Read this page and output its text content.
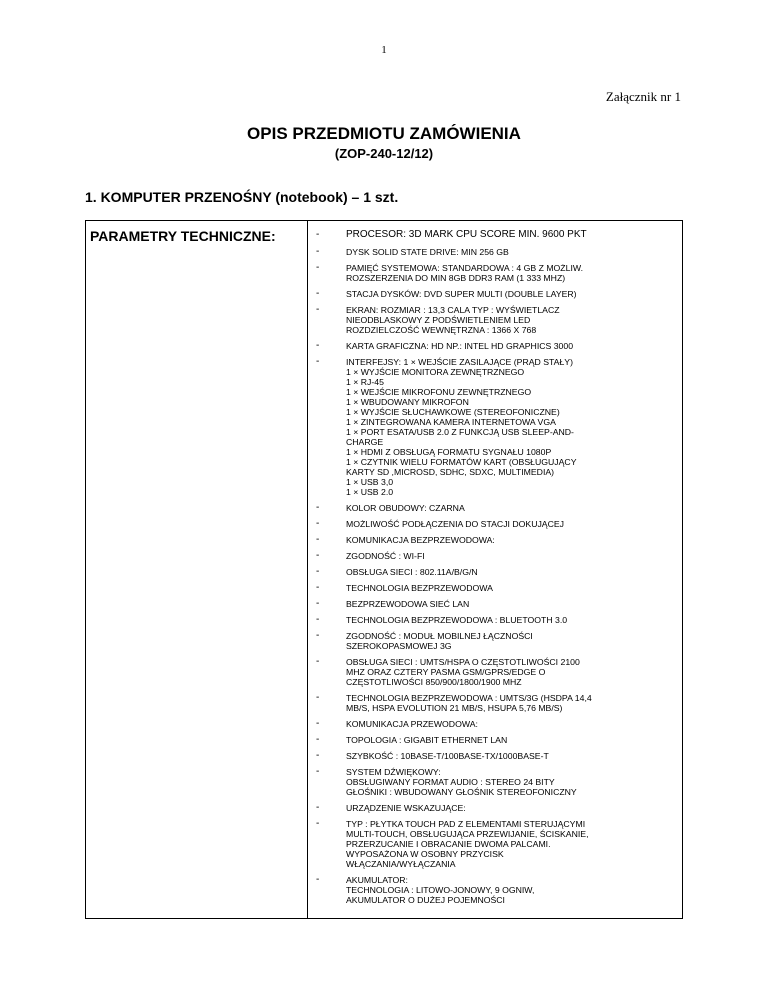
1
Załącznik nr 1
OPIS PRZEDMIOTU ZAMÓWIENIA
(ZOP-240-12/12)
1. KOMPUTER PRZENOŚNY (notebook) – 1 szt.
PARAMETRY TECHNICZNE:	-	PROCESOR: 3D MARK CPU SCORE MIN. 9600 PKT
-	DYSK SOLID STATE DRIVE: MIN 256 GB
-	PAMIĘĆ SYSTEMOWA: STANDARDOWA : 4 GB Z MOŻLIW.
ROZSZERZENIA DO MIN 8GB DDR3 RAM (1 333 MHZ)
-	STACJA DYSKÓW: DVD SUPER MULTI (DOUBLE LAYER)
-	EKRAN: ROZMIAR : 13,3 CALA TYP : WYŚWIETLACZ
NIEODBLASKOWY Z PODŚWIETLENIEM LED
ROZDZIELCZOŚĆ WEWNĘTRZNA : 1366 X 768
-	KARTA GRAFICZNA: HD NP.: INTEL HD GRAPHICS 3000
-	INTERFEJSY: 1 × WEJŚCIE ZASILAJĄCE (PRĄD STAŁY)
1 × WYJŚCIE MONITORA ZEWNĘTRZNEGO
1 × RJ-45
1 × WEJŚCIE MIKROFONU ZEWNĘTRZNEGO
1 × WBUDOWANY MIKROFON
1 × WYJŚCIE SŁUCHAWKOWE (STEREOFONICZNE)
1 × ZINTEGROWANA KAMERA INTERNETOWA VGA
1 × PORT ESATA/USB 2.0 Z FUNKCJĄ USB SLEEP-AND-
CHARGE
1 × HDMI Z OBSŁUGĄ FORMATU SYGNAŁU 1080P
1 × CZYTNIK WIELU FORMATÓW KART (OBSŁUGUJĄCY
KARTY SD ,MICROSD, SDHC, SDXC, MULTIMEDIA)
1 × USB 3,0
1 × USB 2.0
-	KOLOR OBUDOWY: CZARNA
-	MOŻLIWOŚĆ PODŁĄCZENIA DO STACJI DOKUJĄCEJ
-	KOMUNIKACJA BEZPRZEWODOWA:
-	ZGODNOŚĆ : WI-FI
-	OBSŁUGA SIECI : 802.11A/B/G/N
-	TECHNOLOGIA BEZPRZEWODOWA
-	BEZPRZEWODOWA SIEĆ LAN
-	TECHNOLOGIA BEZPRZEWODOWA : BLUETOOTH 3.0
-	ZGODNOŚĆ : MODUŁ MOBILNEJ ŁĄCZNOŚCI
SZEROKOPASMOWEJ 3G
-	OBSŁUGA SIECI : UMTS/HSPA O CZĘSTOTLIWOŚCI 2100
MHZ ORAZ CZTERY PASMA GSM/GPRS/EDGE O
CZĘSTOTLIWOŚCI 850/900/1800/1900 MHZ
-	TECHNOLOGIA BEZPRZEWODOWA : UMTS/3G (HSDPA 14,4
MB/S, HSPA EVOLUTION 21 MB/S, HSUPA 5,76 MB/S)
-	KOMUNIKACJA PRZEWODOWA:
-	TOPOLOGIA : GIGABIT ETHERNET LAN
-	SZYBKOŚĆ : 10BASE-T/100BASE-TX/1000BASE-T
-	SYSTEM DŹWIĘKOWY:
OBSŁUGIWANY FORMAT AUDIO : STEREO 24 BITY
GŁOŚNIKI : WBUDOWANY GŁOŚNIK STEREOFONICZNY
-	URZĄDZENIE WSKAZUJĄCE:
-	TYP : PŁYTKA TOUCH PAD Z ELEMENTAMI STERUJĄCYMI
MULTI-TOUCH, OBSŁUGUJĄCA PRZEWIJANIE, ŚCISKANIE,
PRZERZUCANIE I OBRACANIE DWOMA PALCAMI.
WYPOSAŻONA W OSOBNY PRZYCISK
WŁĄCZANIA/WYŁĄCZANIA
-	AKUMULATOR:
TECHNOLOGIA : LITOWO-JONOWY, 9 OGNIW,
AKUMULATOR O DUŻEJ POJEMNOŚCI
